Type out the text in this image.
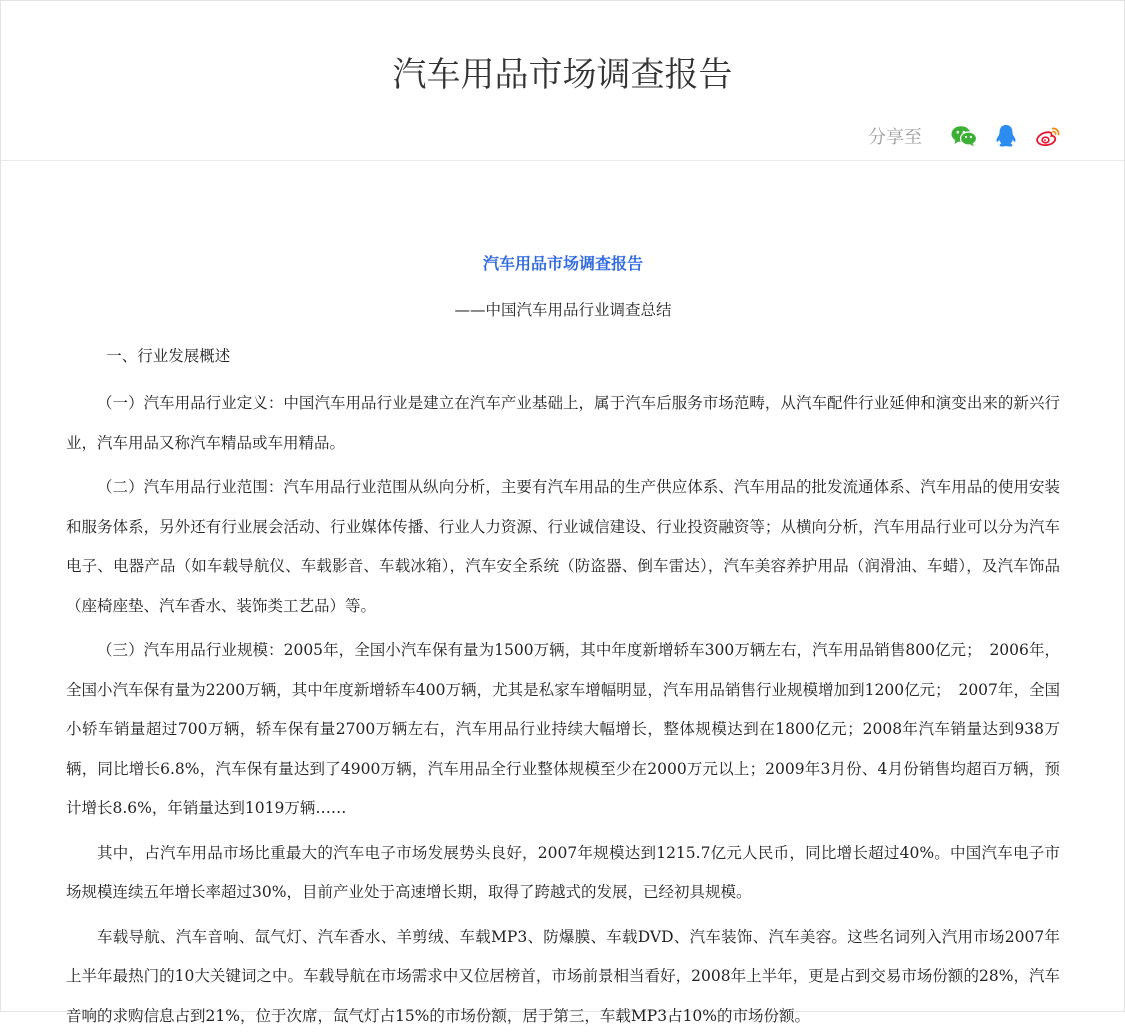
汽车用品市场调查报告
分享至

汽车用品市场调查报告

——中国汽车用品行业调查总结

一、行业发展概述

（一）汽车用品行业定义：中国汽车用品行业是建立在汽车产业基础上，属于汽车后服务市场范畴，从汽车配件行业延伸和演变出来的新兴行业，汽车用品又称汽车精品或车用精品。

（二）汽车用品行业范围：汽车用品行业范围从纵向分析，主要有汽车用品的生产供应体系、汽车用品的批发流通体系、汽车用品的使用安装和服务体系，另外还有行业展会活动、行业媒体传播、行业人力资源、行业诚信建设、行业投资融资等；从横向分析，汽车用品行业可以分为汽车电子、电器产品（如车载导航仪、车载影音、车载冰箱），汽车安全系统（防盗器、倒车雷达），汽车美容养护用品（润滑油、车蜡），及汽车饰品（座椅座垫、汽车香水、装饰类工艺品）等。

（三）汽车用品行业规模：2005年，全国小汽车保有量为1500万辆，其中年度新增轿车300万辆左右，汽车用品销售800亿元；　2006年，全国小汽车保有量为2200万辆，其中年度新增轿车400万辆，尤其是私家车增幅明显，汽车用品销售行业规模增加到1200亿元；　2007年，全国小轿车销量超过700万辆，轿车保有量2700万辆左右，汽车用品行业持续大幅增长，整体规模达到在1800亿元；2008年汽车销量达到938万辆，同比增长6.8%，汽车保有量达到了4900万辆，汽车用品全行业整体规模至少在2000万元以上；2009年3月份、4月份销售均超百万辆，预计增长8.6%，年销量达到1019万辆……

其中，占汽车用品市场比重最大的汽车电子市场发展势头良好，2007年规模达到1215.7亿元人民币，同比增长超过40%。中国汽车电子市场规模连续五年增长率超过30%，目前产业处于高速增长期，取得了跨越式的发展，已经初具规模。

车载导航、汽车音响、氙气灯、汽车香水、羊剪绒、车载MP3、防爆膜、车载DVD、汽车装饰、汽车美容。这些名词列入汽用市场2007年上半年最热门的10大关键词之中。车载导航在市场需求中又位居榜首，市场前景相当看好，2008年上半年，更是占到交易市场份额的28%，汽车音响的求购信息占到21%，位于次席，氙气灯占15%的市场份额，居于第三，车载MP3占10%的市场份额。
